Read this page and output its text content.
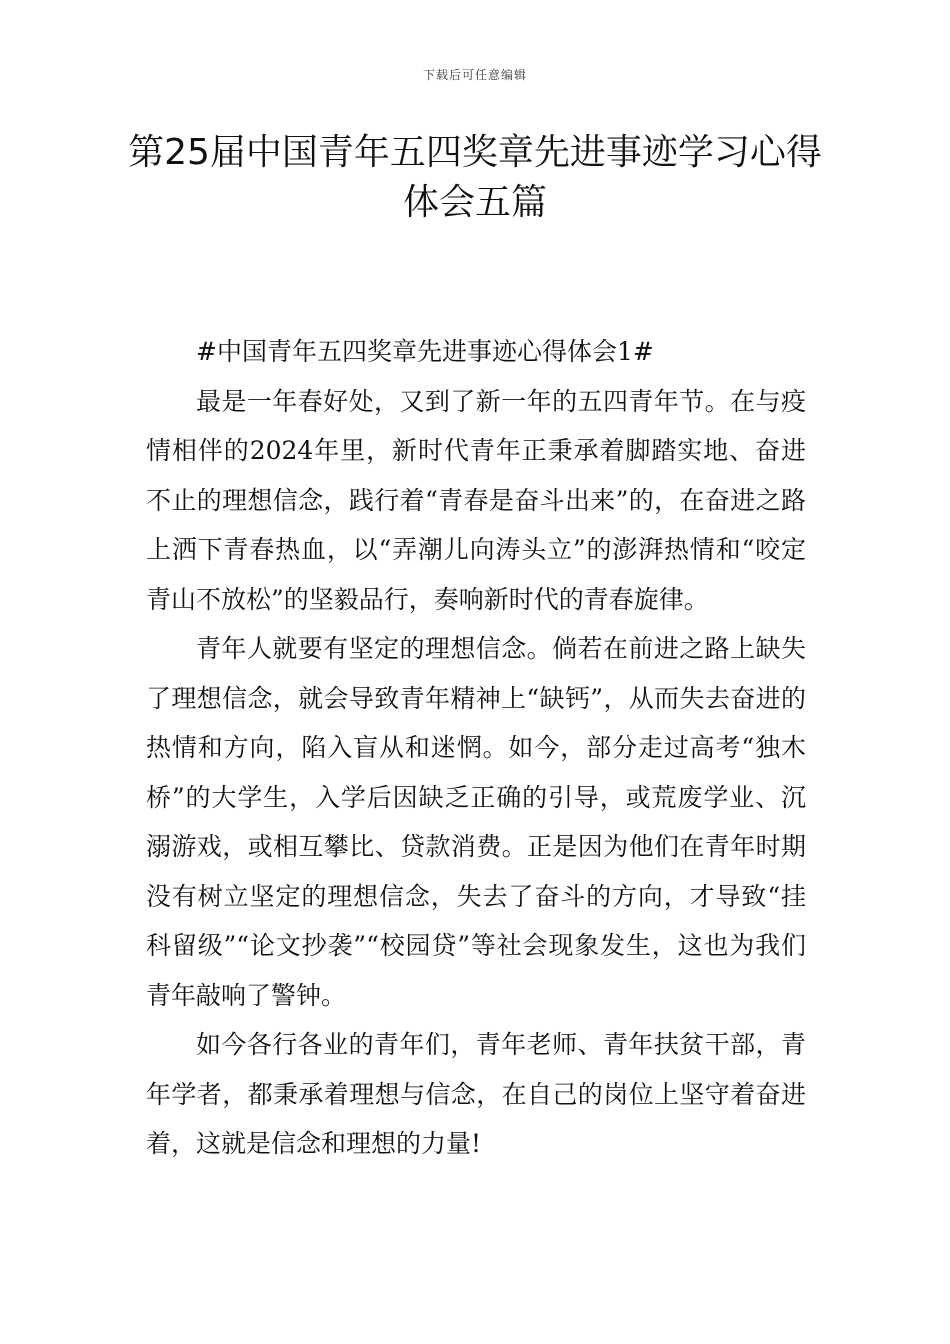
下载后可任意编辑
第25届中国青年五四奖章先进事迹学习心得体会五篇

#中国青年五四奖章先进事迹心得体会1#

最是一年春好处，又到了新一年的五四青年节。在与疫情相伴的2024年里，新时代青年正秉承着脚踏实地、奋进不止的理想信念，践行着“青春是奋斗出来”的，在奋进之路上洒下青春热血，以“弄潮儿向涛头立”的澎湃热情和“咬定青山不放松”的坚毅品行，奏响新时代的青春旋律。

青年人就要有坚定的理想信念。倘若在前进之路上缺失了理想信念，就会导致青年精神上“缺钙”，从而失去奋进的热情和方向，陷入盲从和迷惘。如今，部分走过高考“独木桥”的大学生，入学后因缺乏正确的引导，或荒废学业、沉溺游戏，或相互攀比、贷款消费。正是因为他们在青年时期没有树立坚定的理想信念，失去了奋斗的方向，才导致“挂科留级”“论文抄袭”“校园贷”等社会现象发生，这也为我们青年敲响了警钟。

如今各行各业的青年们，青年老师、青年扶贫干部，青年学者，都秉承着理想与信念，在自己的岗位上坚守着奋进着，这就是信念和理想的力量!
